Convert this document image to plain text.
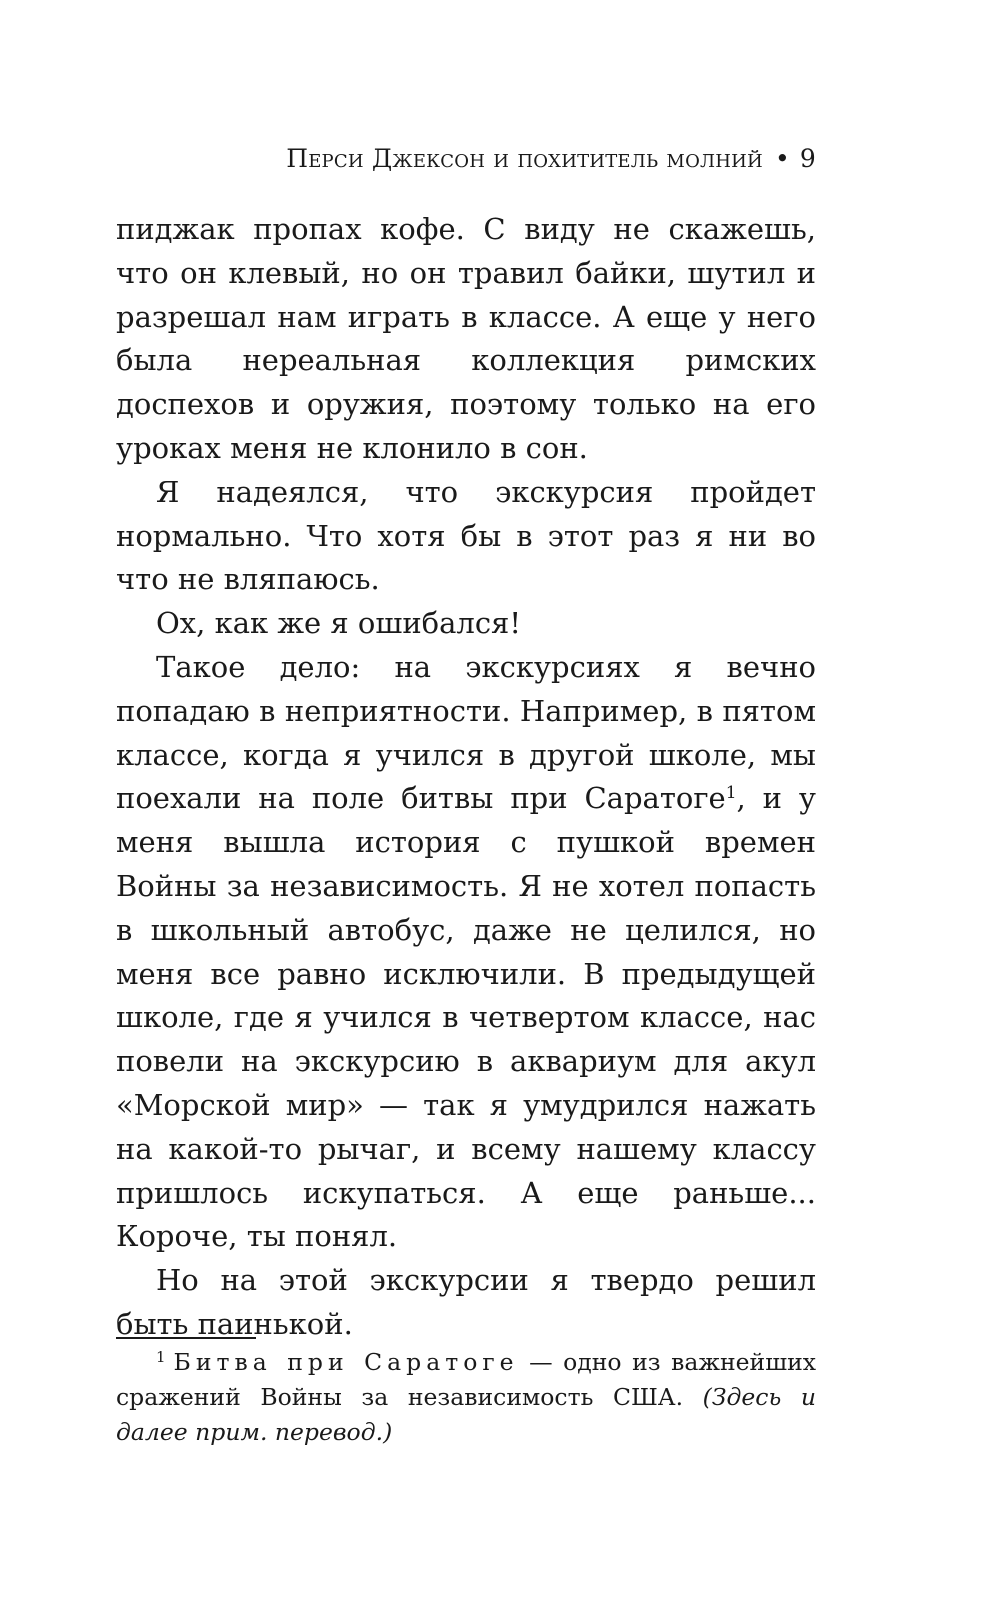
Перси Джексон и похититель молний • 9

пиджак пропах кофе. С виду не скажешь, что он клевый, но он травил байки, шутил и разрешал нам играть в классе. А еще у него была нереальная коллекция римских доспехов и оружия, поэтому только на его уроках меня не клонило в сон.

Я надеялся, что экскурсия пройдет нормально. Что хотя бы в этот раз я ни во что не вляпаюсь.

Ох, как же я ошибался!

Такое дело: на экскурсиях я вечно попадаю в неприятности. Например, в пятом классе, когда я учился в другой школе, мы поехали на поле битвы при Саратоге$^1$, и у меня вышла история с пушкой времен Войны за независимость. Я не хотел попасть в школьный автобус, даже не целился, но меня все равно исключили. В предыдущей школе, где я учился в четвертом классе, нас повели на экскурсию в аквариум для акул «Морской мир» — так я умудрился нажать на какой-то рычаг, и всему нашему классу пришлось искупаться. А еще раньше... Короче, ты понял.

Но на этой экскурсии я твердо решил быть паинькой.

$^1$ Битва при Саратоге — одно из важнейших сражений Войны за независимость США. (Здесь и далее прим. перевод.)
